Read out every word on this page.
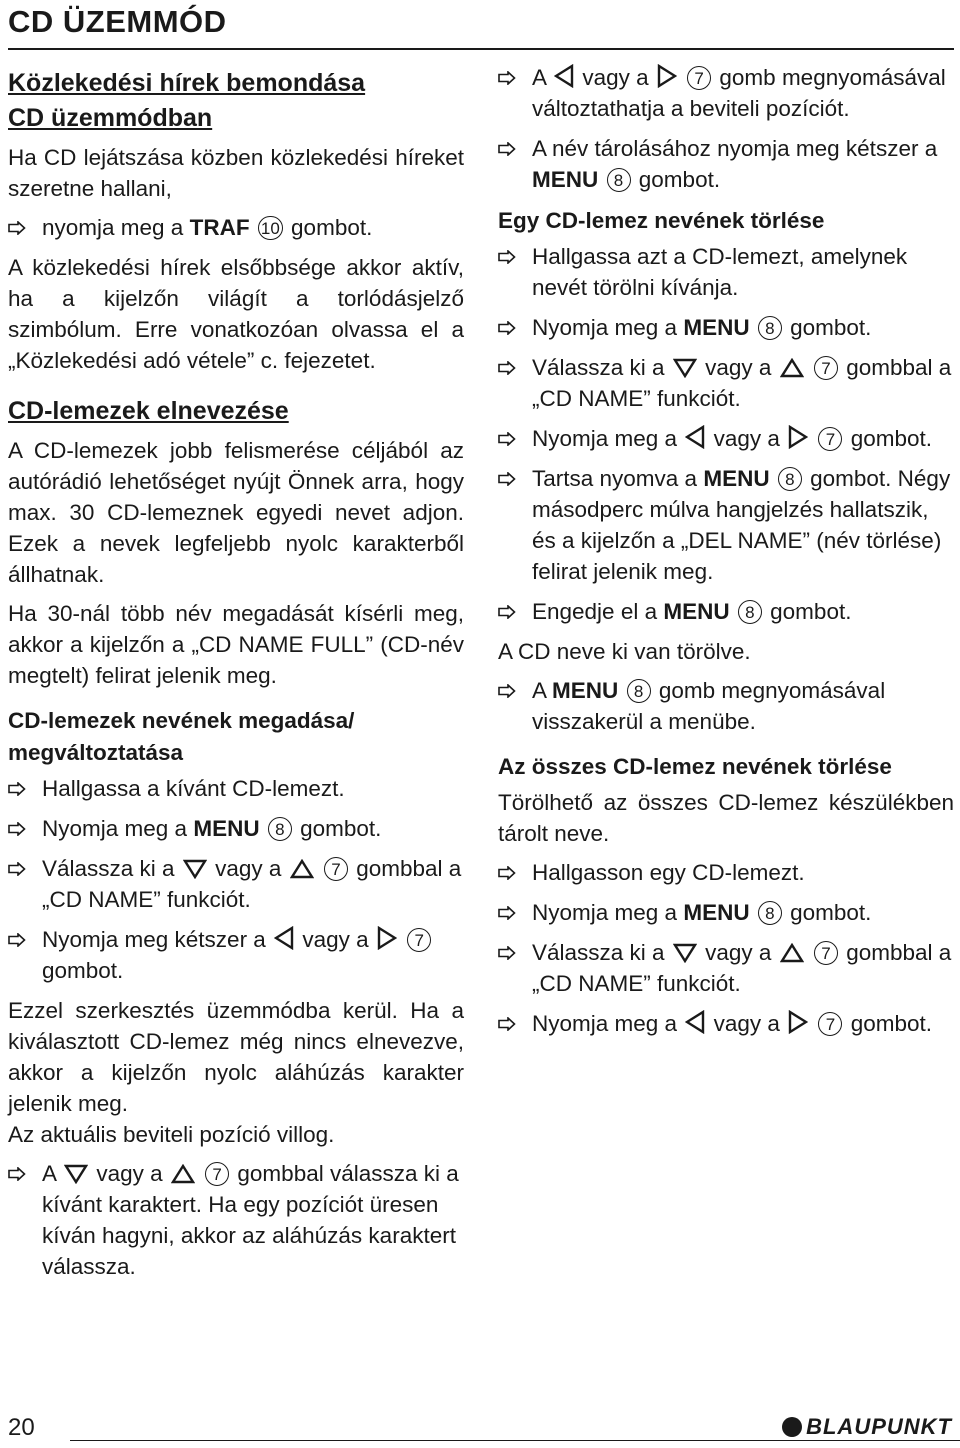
CD ÜZEMMÓD
Közlekedési hírek bemondása
CD üzemmódban
Ha CD lejátszása közben közlekedési híreket szeretne hallani,
nyomja meg a TRAF 10 gombot.
A közlekedési hírek elsőbbsége akkor aktív, ha a kijelzőn világít a torlódásjelző szimbólum. Erre vonatkozóan olvassa el a „Közlekedési adó vétele” c. fejezetet.
CD-lemezek elnevezése
A CD-lemezek jobb felismerése céljából az autórádió lehetőséget nyújt Önnek arra, hogy max. 30 CD-lemeznek egyedi nevet adjon. Ezek a nevek legfeljebb nyolc karakterből állhatnak.
Ha 30-nál több név megadását kísérli meg, akkor a kijelzőn a „CD NAME FULL” (CD-név megtelt) felirat jelenik meg.
CD-lemezek nevének megadása/ megváltoztatása
Hallgassa a kívánt CD-lemezt.
Nyomja meg a MENU 8 gombot.
Válassza ki a vagy a	7 gombbal a „CD NAME” funkciót.
Nyomja meg kétszer a vagy a	7 gombot.
Ezzel szerkesztés üzemmódba kerül. Ha a kiválasztott CD-lemez még nincs elnevezve, akkor a kijelzőn nyolc aláhúzás karakter jelenik meg.
Az aktuális beviteli pozíció villog.
A vagy a	7 gombbal válassza ki a kívánt karaktert. Ha egy pozíciót üresen kíván hagyni, akkor az aláhúzás karaktert válassza.
A vagy a	7 gomb megnyomásával változtathatja a beviteli pozíciót.
A név tárolásához nyomja meg kétszer a MENU 8 gombot.
Egy CD-lemez nevének törlése
Hallgassa azt a CD-lemezt, amelynek nevét törölni kívánja.
Nyomja meg a MENU 8 gombot.
Válassza ki a vagy a	7 gombbal a „CD NAME” funkciót.
Nyomja meg a vagy a	7 gombot.
Tartsa nyomva a MENU 8 gombot. Négy másodperc múlva hangjelzés hallatszik, és a kijelzőn a „DEL NAME” (név törlése) felirat jelenik meg.
Engedje el a MENU 8 gombot.
A CD neve ki van törölve.
A MENU 8 gomb megnyomásával visszakerül a menübe.
Az összes CD-lemez nevének törlése
Törölhető az összes CD-lemez készülékben tárolt neve.
Hallgasson egy CD-lemezt.
Nyomja meg a MENU 8 gombot.
Válassza ki a vagy a	7 gombbal a „CD NAME” funkciót.
Nyomja meg a vagy a	7 gombot.
20	BLAUPUNKT
